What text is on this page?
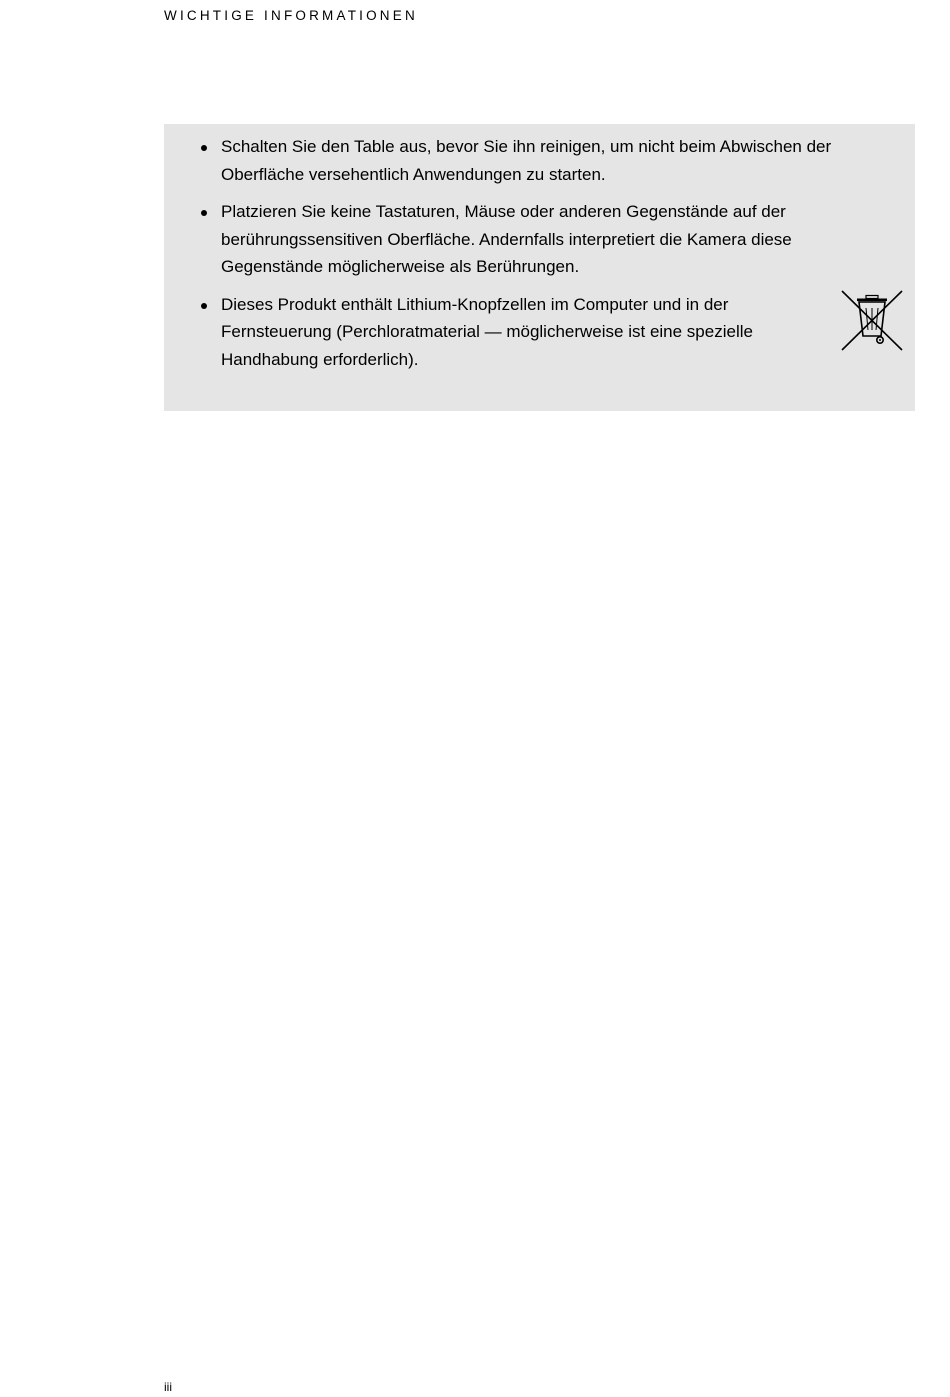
WICHTIGE INFORMATIONEN
Schalten Sie den Table aus, bevor Sie ihn reinigen, um nicht beim Abwischen der Oberfläche versehentlich Anwendungen zu starten.
Platzieren Sie keine Tastaturen, Mäuse oder anderen Gegenstände auf der berührungssensitiven Oberfläche. Andernfalls interpretiert die Kamera diese Gegenstände möglicherweise als Berührungen.
Dieses Produkt enthält Lithium-Knopfzellen im Computer und in der Fernsteuerung (Perchloratmaterial — möglicherweise ist eine spezielle Handhabung erforderlich).
iii
